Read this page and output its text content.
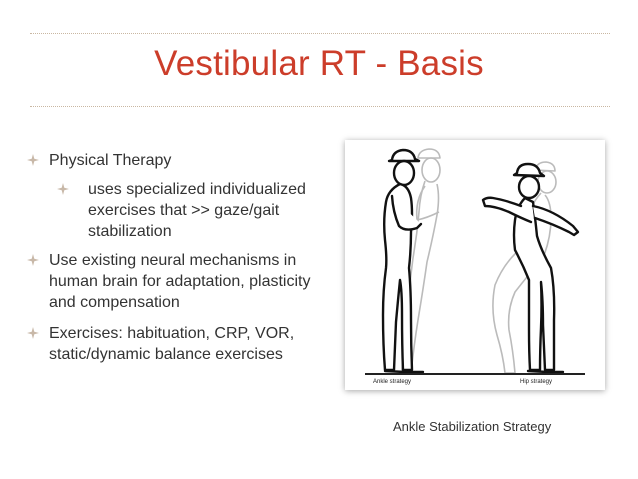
Vestibular RT - Basis
Physical Therapy
uses specialized individualized exercises that >> gaze/gait stabilization
Use existing neural mechanisms in human brain for adaptation, plasticity and compensation
Exercises: habituation, CRP, VOR, static/dynamic balance exercises
Ankle strategy	Hip strategy
Ankle Stabilization Strategy
